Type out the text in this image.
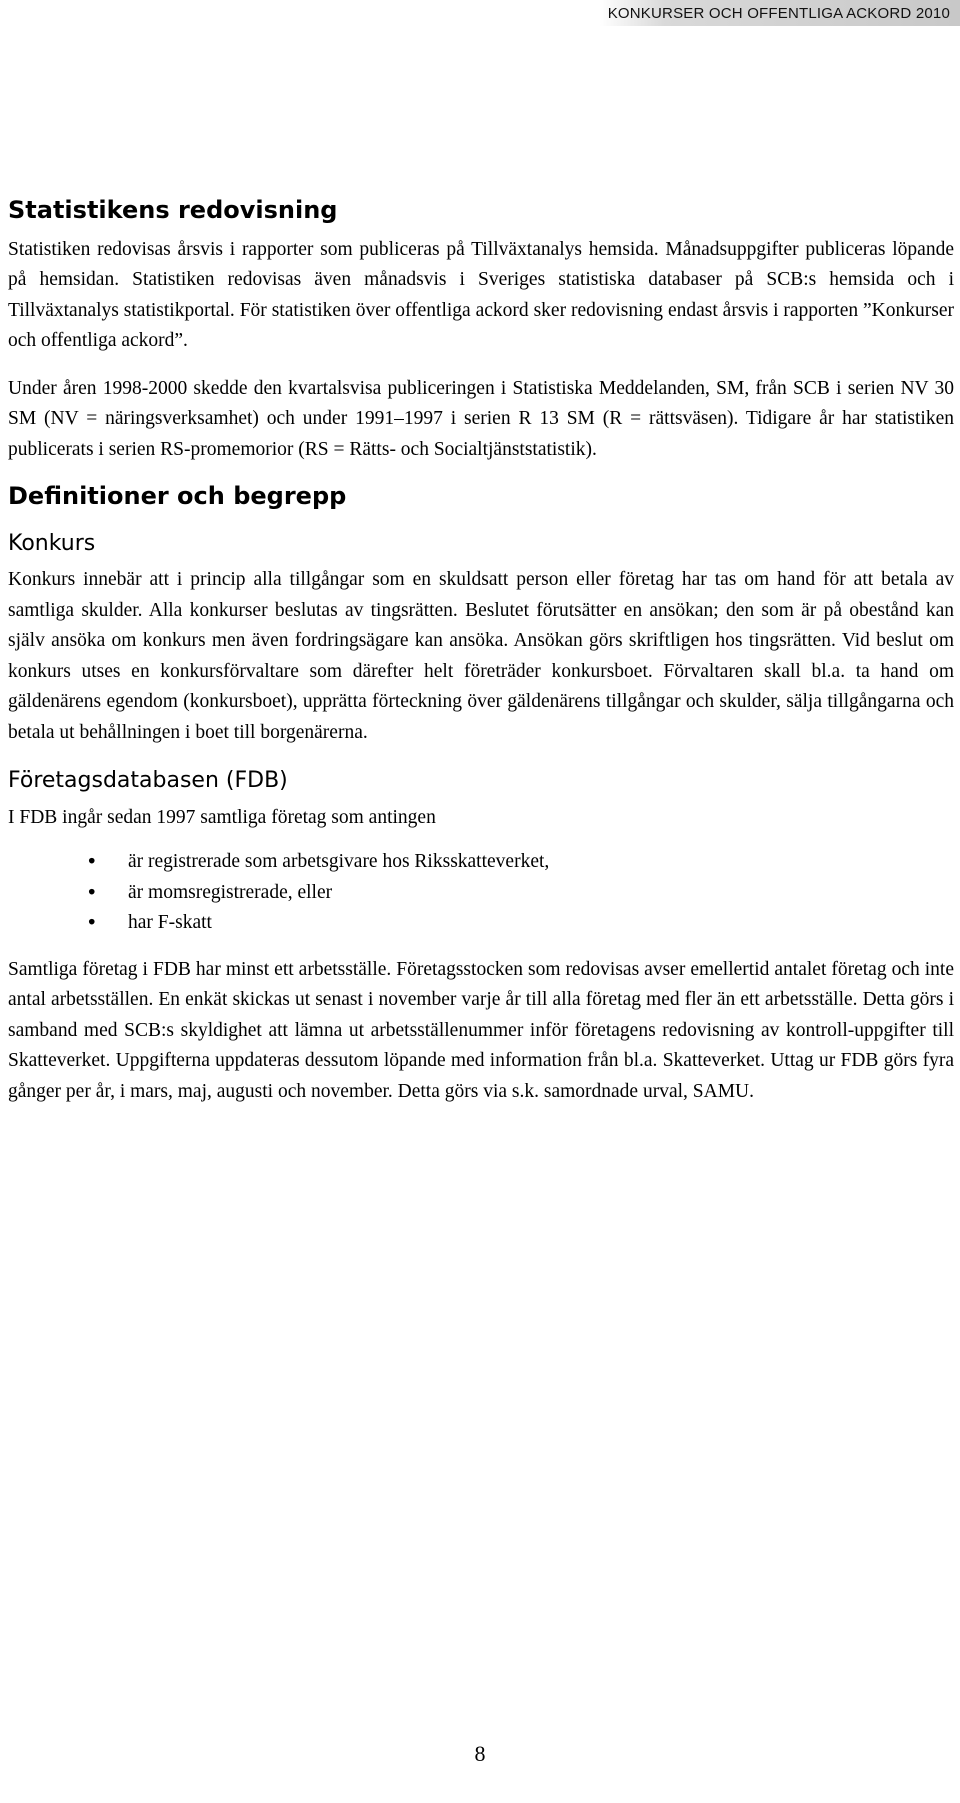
KONKURSER OCH OFFENTLIGA ACKORD 2010
Statistikens redovisning

Statistiken redovisas årsvis i rapporter som publiceras på Tillväxtanalys hemsida. Månadsuppgifter publiceras löpande på hemsidan. Statistiken redovisas även månadsvis i Sveriges statistiska databaser på SCB:s hemsida och i Tillväxtanalys statistikportal. För statistiken över offentliga ackord sker redovisning endast årsvis i rapporten ”Konkurser och offentliga ackord”.

Under åren 1998-2000 skedde den kvartalsvisa publiceringen i Statistiska Meddelanden, SM, från SCB i serien NV 30 SM (NV = näringsverksamhet) och under 1991–1997 i serien R 13 SM (R = rättsväsen). Tidigare år har statistiken publicerats i serien RS-promemorior (RS = Rätts- och Socialtjänststatistik).

Definitioner och begrepp
Konkurs

Konkurs innebär att i princip alla tillgångar som en skuldsatt person eller företag har tas om hand för att betala av samtliga skulder. Alla konkurser beslutas av tingsrätten. Beslutet förutsätter en ansökan; den som är på obestånd kan själv ansöka om konkurs men även fordringsägare kan ansöka. Ansökan görs skriftligen hos tingsrätten. Vid beslut om konkurs utses en konkursförvaltare som därefter helt företräder konkursboet. Förvaltaren skall bl.a. ta hand om gäldenärens egendom (konkursboet), upprätta förteckning över gäldenärens tillgångar och skulder, sälja tillgångarna och betala ut behållningen i boet till borgenärerna.

Företagsdatabasen (FDB)

I FDB ingår sedan 1997 samtliga företag som antingen

• är registrerade som arbetsgivare hos Riksskatteverket,
• är momsregistrerade, eller
• har F-skatt

Samtliga företag i FDB har minst ett arbetsställe. Företagsstocken som redovisas avser emellertid antalet företag och inte antal arbetsställen. En enkät skickas ut senast i november varje år till alla företag med fler än ett arbetsställe. Detta görs i samband med SCB:s skyldighet att lämna ut arbetsställenummer inför företagens redovisning av kontroll-uppgifter till Skatteverket. Uppgifterna uppdateras dessutom löpande med information från bl.a. Skatteverket. Uttag ur FDB görs fyra gånger per år, i mars, maj, augusti och november. Detta görs via s.k. samordnade urval, SAMU.

8
